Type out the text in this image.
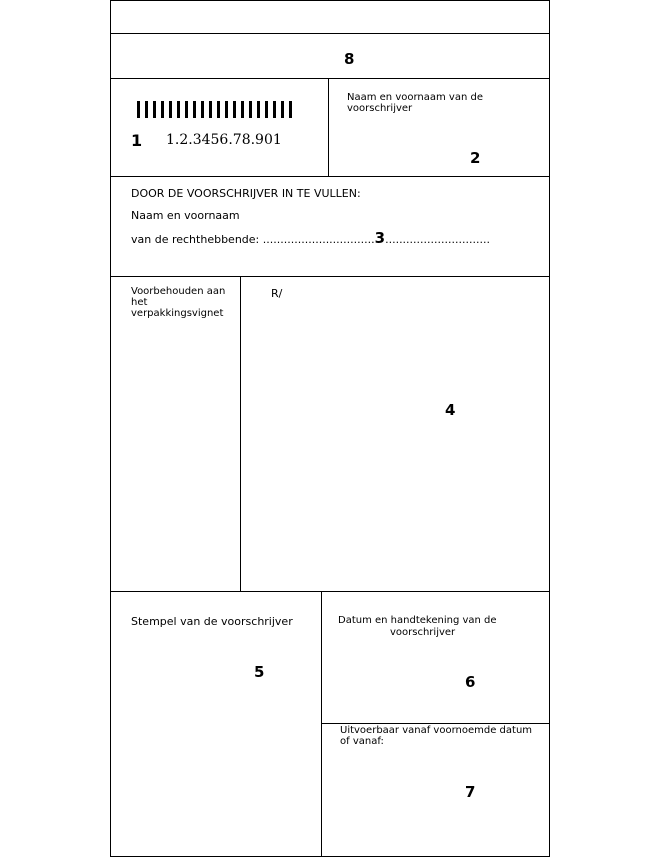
8
1 1.2.3456.78.901
Naam en voornaam van de voorschrijver
2
DOOR DE VOORSCHRIJVER IN TE VULLEN:
Naam en voornaam
van de rechthebbende: ................................3..............................
Voorbehouden aan het verpakkingsvignet
R/
4
Stempel van de voorschrijver
5
Datum en handtekening van de
voorschrijver
6
Uitvoerbaar vanaf voornoemde datum of vanaf:
7
